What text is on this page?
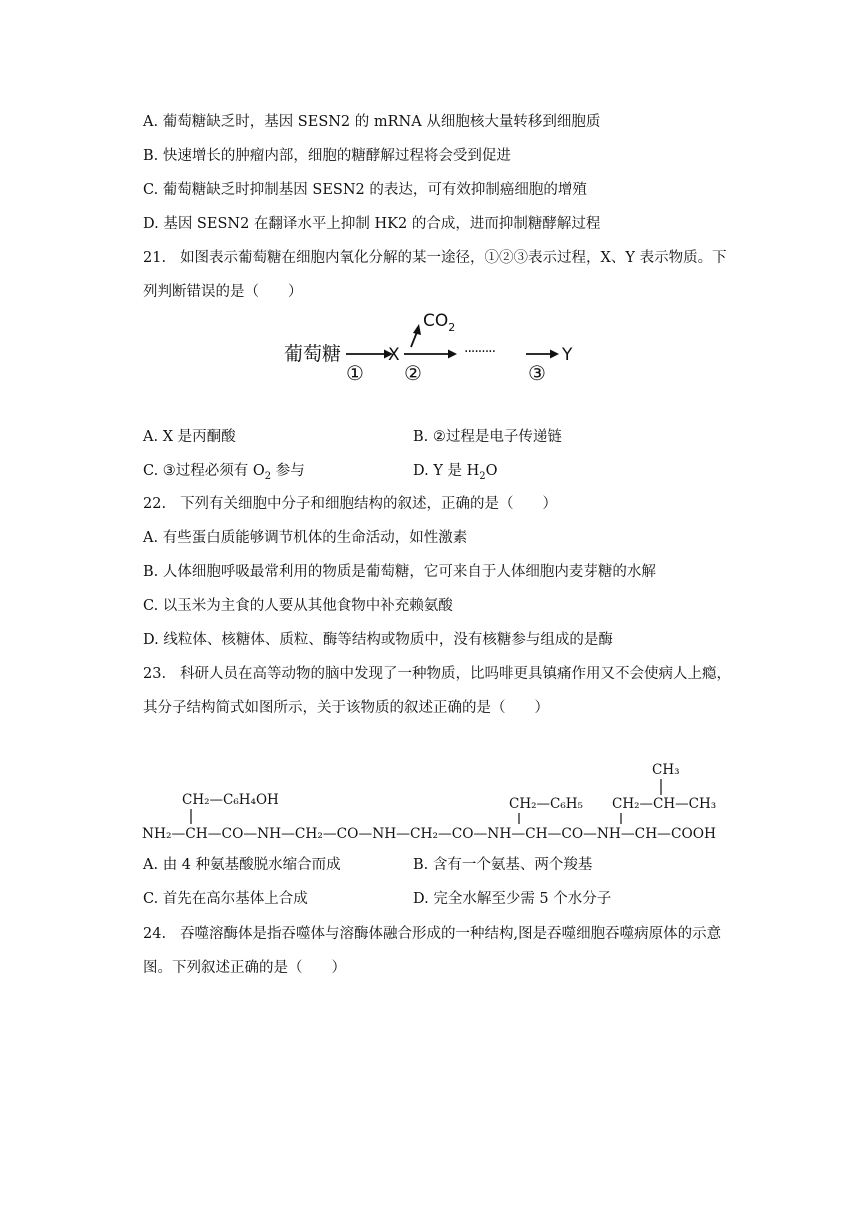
A. 葡萄糖缺乏时，基因 SESN2 的 mRNA 从细胞核大量转移到细胞质
B. 快速增长的肿瘤内部，细胞的糖酵解过程将会受到促进
C. 葡萄糖缺乏时抑制基因 SESN2 的表达，可有效抑制癌细胞的增殖
D. 基因 SESN2 在翻译水平上抑制 HK2 的合成，进而抑制糖酵解过程
21. 如图表示葡萄糖在细胞内氧化分解的某一途径，①②③表示过程，X、Y 表示物质。下
列判断错误的是（　　）
葡萄糖	X
$CO_2$
·········	Y
① ②	③
A. X 是丙酮酸	B. ②过程是电子传递链
C. ③过程必须有 $O_2$ 参与	D. Y 是 $H_2O$
22. 下列有关细胞中分子和细胞结构的叙述，正确的是（　　）
A. 有些蛋白质能够调节机体的生命活动，如性激素
B. 人体细胞呼吸最常利用的物质是葡萄糖，它可来自于人体细胞内麦芽糖的水解
C. 以玉米为主食的人要从其他食物中补充赖氨酸
D. 线粒体、核糖体、质粒、酶等结构或物质中，没有核糖参与组成的是酶
23. 科研人员在高等动物的脑中发现了一种物质，比吗啡更具镇痛作用又不会使病人上瘾，
其分子结构简式如图所示，关于该物质的叙述正确的是（　　）
NH₂—CH—CO—NH—CH₂—CO—NH—CH₂—CO—NH—CH—CO—NH—CH—COOH
CH₂—C₆H₄OH	CH₂—C₆H₅
CH₃
CH₂—CH—CH₃
A. 由 4 种氨基酸脱水缩合而成	B. 含有一个氨基、两个羧基
C. 首先在高尔基体上合成	D. 完全水解至少需 5 个水分子
24. 吞噬溶酶体是指吞噬体与溶酶体融合形成的一种结构,图是吞噬细胞吞噬病原体的示意
图。下列叙述正确的是（　　）
